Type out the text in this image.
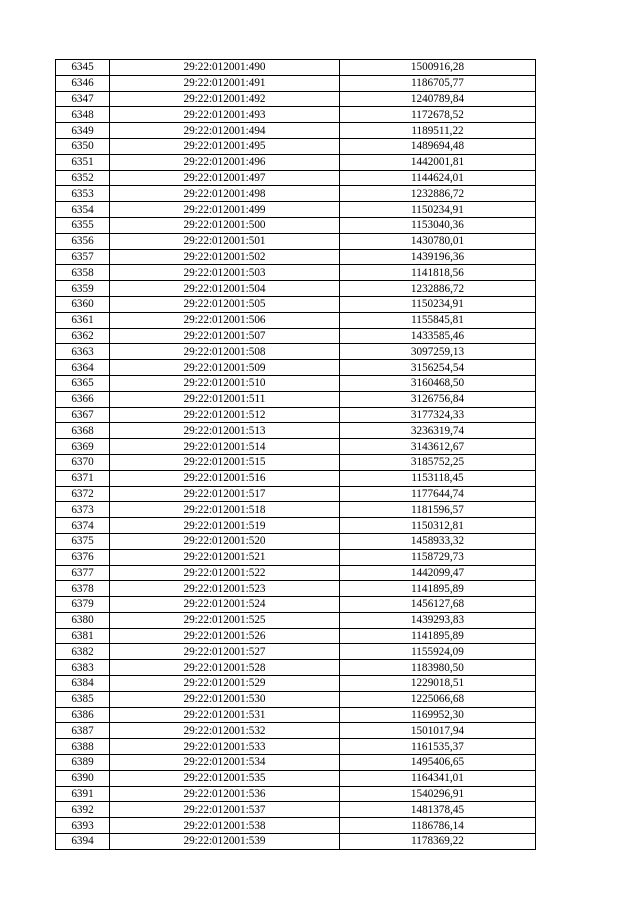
6345	29:22:012001:490	1500916,28
6346	29:22:012001:491	1186705,77
6347	29:22:012001:492	1240789,84
6348	29:22:012001:493	1172678,52
6349	29:22:012001:494	1189511,22
6350	29:22:012001:495	1489694,48
6351	29:22:012001:496	1442001,81
6352	29:22:012001:497	1144624,01
6353	29:22:012001:498	1232886,72
6354	29:22:012001:499	1150234,91
6355	29:22:012001:500	1153040,36
6356	29:22:012001:501	1430780,01
6357	29:22:012001:502	1439196,36
6358	29:22:012001:503	1141818,56
6359	29:22:012001:504	1232886,72
6360	29:22:012001:505	1150234,91
6361	29:22:012001:506	1155845,81
6362	29:22:012001:507	1433585,46
6363	29:22:012001:508	3097259,13
6364	29:22:012001:509	3156254,54
6365	29:22:012001:510	3160468,50
6366	29:22:012001:511	3126756,84
6367	29:22:012001:512	3177324,33
6368	29:22:012001:513	3236319,74
6369	29:22:012001:514	3143612,67
6370	29:22:012001:515	3185752,25
6371	29:22:012001:516	1153118,45
6372	29:22:012001:517	1177644,74
6373	29:22:012001:518	1181596,57
6374	29:22:012001:519	1150312,81
6375	29:22:012001:520	1458933,32
6376	29:22:012001:521	1158729,73
6377	29:22:012001:522	1442099,47
6378	29:22:012001:523	1141895,89
6379	29:22:012001:524	1456127,68
6380	29:22:012001:525	1439293,83
6381	29:22:012001:526	1141895,89
6382	29:22:012001:527	1155924,09
6383	29:22:012001:528	1183980,50
6384	29:22:012001:529	1229018,51
6385	29:22:012001:530	1225066,68
6386	29:22:012001:531	1169952,30
6387	29:22:012001:532	1501017,94
6388	29:22:012001:533	1161535,37
6389	29:22:012001:534	1495406,65
6390	29:22:012001:535	1164341,01
6391	29:22:012001:536	1540296,91
6392	29:22:012001:537	1481378,45
6393	29:22:012001:538	1186786,14
6394	29:22:012001:539	1178369,22
